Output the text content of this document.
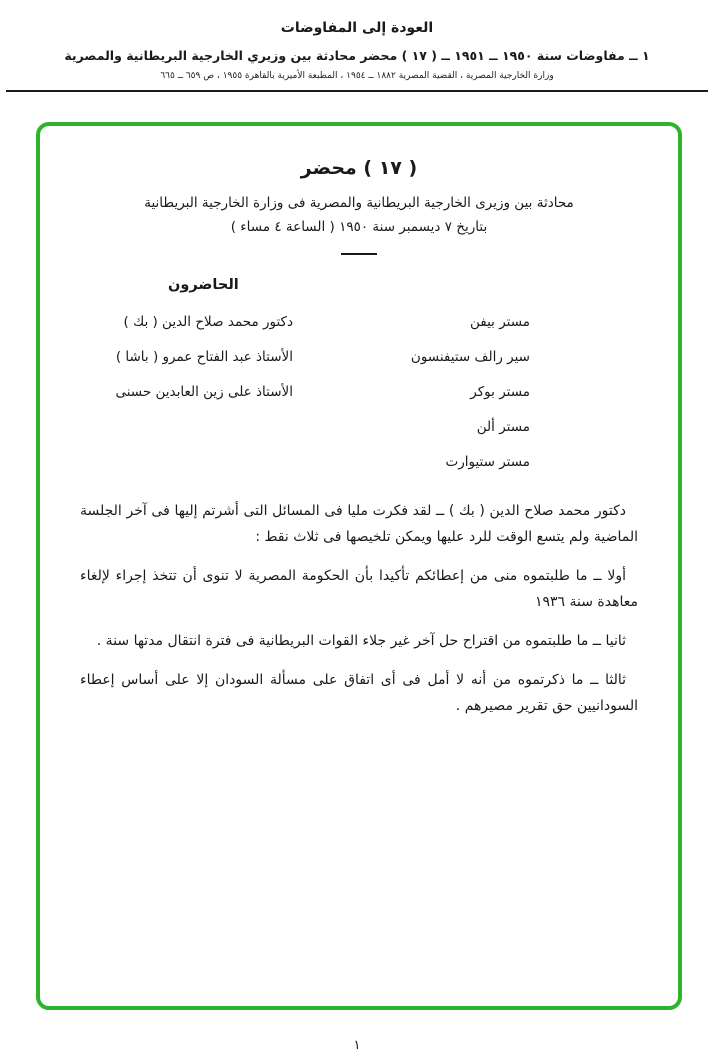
العودة إلى المفاوضات
١ ــ مفاوضات سنة ١٩٥٠ ــ ١٩٥١ ــ ( ١٧ ) محضر محادثة بين وزيري الخارجية البريطانية والمصرية
وزارة الخارجية المصرية ، القضية المصرية ١٨٨٢ ــ ١٩٥٤ ، المطبعة الأميرية بالقاهرة ١٩٥٥ ، ص ٦٥٩ ــ ٦٦٥
( ١٧ ) محضر
محادثة بين وزيرى الخارجية البريطانية والمصرية فى وزارة الخارجية البريطانية
بتاريخ ٧ ديسمبر سنة ١٩٥٠ ( الساعة ٤ مساء )
الحاضرون
مستر بيفن
سير رالف ستيفنسون
مستر بوكر
مستر ألن
مستر ستيوارت
دكتور محمد صلاح الدين ( بك )
الأستاذ عبد الفتاح عمرو ( باشا )
الأستاذ على زين العابدين حسنى

دكتور محمد صلاح الدين ( بك ) ــ لقد فكرت مليا فى المسائل التى أشرتم إليها فى آخر الجلسة الماضية ولم يتسع الوقت للرد عليها ويمكن تلخيصها فى ثلاث نقط :

أولا ــ ما طلبتموه منى من إعطائكم تأكيدا بأن الحكومة المصرية لا تنوى أن تتخذ إجراء لإلغاء معاهدة سنة ١٩٣٦

ثانيا ــ ما طلبتموه من اقتراح حل آخر غير جلاء القوات البريطانية فى فترة انتقال مدتها سنة .

ثالثا ــ ما ذكرتموه من أنه لا أمل فى أى اتفاق على مسألة السودان إلا على أساس إعطاء السودانيين حق تقرير مصيرهم .

١
